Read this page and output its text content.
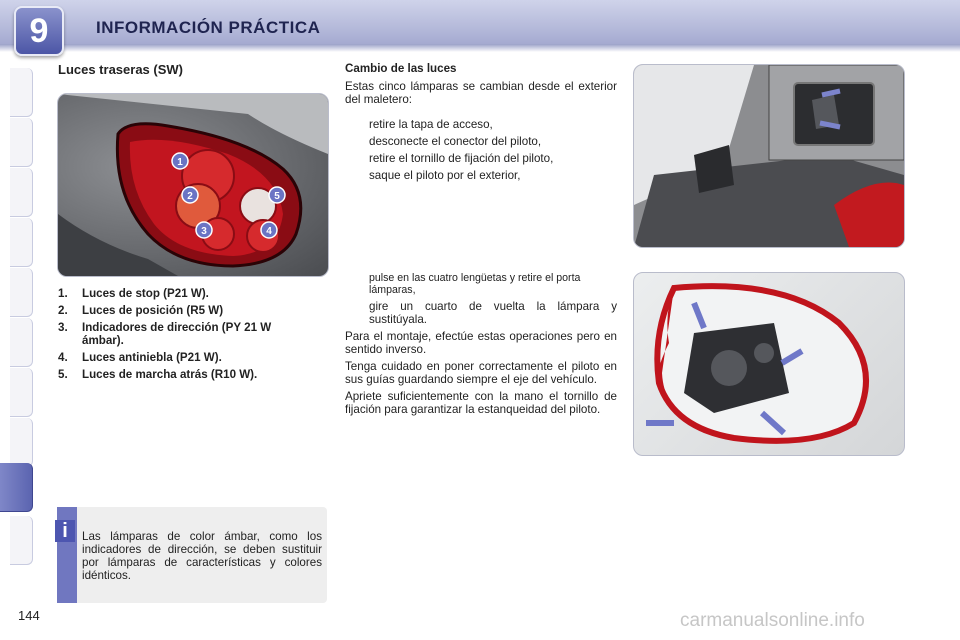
9	INFORMACIÓN PRÁCTICA
Luces traseras (SW)
1
2	5
3	4
1. Luces de stop (P21 W).
2. Luces de posición (R5 W)
3. Indicadores de dirección (PY 21 W ámbar).
4. Luces antiniebla (P21 W).
5. Luces de marcha atrás (R10 W).
Cambio de las luces

Estas cinco lámparas se cambian desde el exterior del maletero:

retire la tapa de acceso,
desconecte el conector del piloto,
retire el tornillo de fijación del piloto,
saque el piloto por el exterior,
pulse en las cuatro lengüetas y retire el porta lámparas,
gire un cuarto de vuelta la lámpara y sustitúyala.

Para el montaje, efectúe estas operaciones pero en sentido inverso.

Tenga cuidado en poner correctamente el piloto en sus guías guardando siempre el eje del vehículo.

Apriete suficientemente con la mano el tornillo de fijación para garantizar la estanqueidad del piloto.

i	Las lámparas de color ámbar, como los indicadores de dirección, se deben sustituir por lámparas de características y colores idénticos.
144	carmanualsonline.info
